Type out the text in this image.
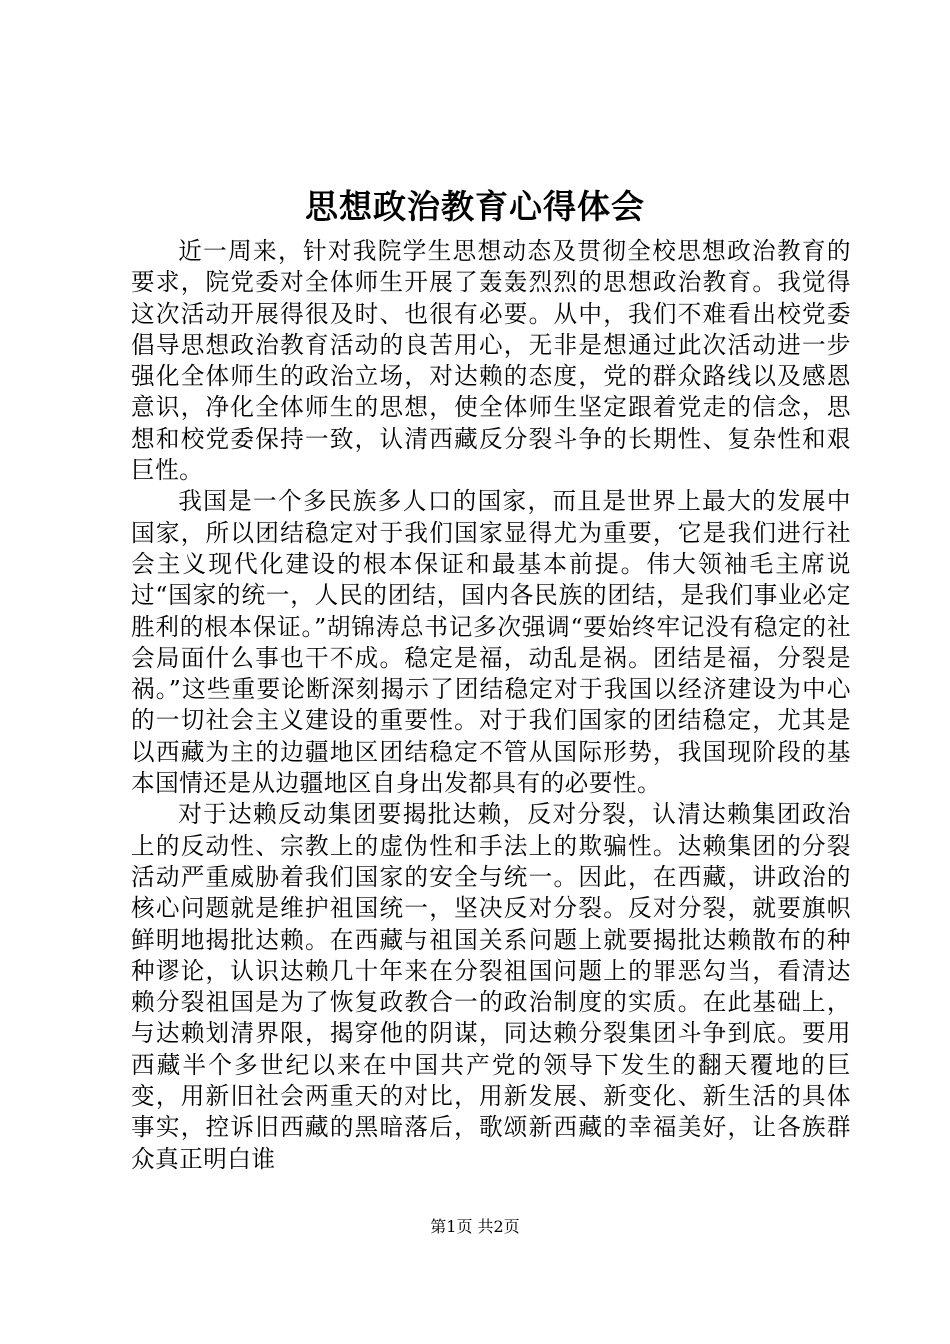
思想政治教育心得体会

近一周来，针对我院学生思想动态及贯彻全校思想政治教育的要求，院党委对全体师生开展了轰轰烈烈的思想政治教育。我觉得这次活动开展得很及时、也很有必要。从中，我们不难看出校党委倡导思想政治教育活动的良苦用心，无非是想通过此次活动进一步强化全体师生的政治立场，对达赖的态度，党的群众路线以及感恩意识，净化全体师生的思想，使全体师生坚定跟着党走的信念，思想和校党委保持一致，认清西藏反分裂斗争的长期性、复杂性和艰巨性。

我国是一个多民族多人口的国家，而且是世界上最大的发展中国家，所以团结稳定对于我们国家显得尤为重要，它是我们进行社会主义现代化建设的根本保证和最基本前提。伟大领袖毛主席说过“国家的统一，人民的团结，国内各民族的团结，是我们事业必定胜利的根本保证。”胡锦涛总书记多次强调“要始终牢记没有稳定的社会局面什么事也干不成。稳定是福，动乱是祸。团结是福，分裂是祸。”这些重要论断深刻揭示了团结稳定对于我国以经济建设为中心的一切社会主义建设的重要性。对于我们国家的团结稳定，尤其是以西藏为主的边疆地区团结稳定不管从国际形势，我国现阶段的基本国情还是从边疆地区自身出发都具有的必要性。

对于达赖反动集团要揭批达赖，反对分裂，认清达赖集团政治上的反动性、宗教上的虚伪性和手法上的欺骗性。达赖集团的分裂活动严重威胁着我们国家的安全与统一。因此，在西藏，讲政治的核心问题就是维护祖国统一，坚决反对分裂。反对分裂，就要旗帜鲜明地揭批达赖。在西藏与祖国关系问题上就要揭批达赖散布的种种谬论，认识达赖几十年来在分裂祖国问题上的罪恶勾当，看清达赖分裂祖国是为了恢复政教合一的政治制度的实质。在此基础上，与达赖划清界限，揭穿他的阴谋，同达赖分裂集团斗争到底。要用西藏半个多世纪以来在中国共产党的领导下发生的翻天覆地的巨变，用新旧社会两重天的对比，用新发展、新变化、新生活的具体事实，控诉旧西藏的黑暗落后，歌颂新西藏的幸福美好，让各族群众真正明白谁

第1页 共2页
